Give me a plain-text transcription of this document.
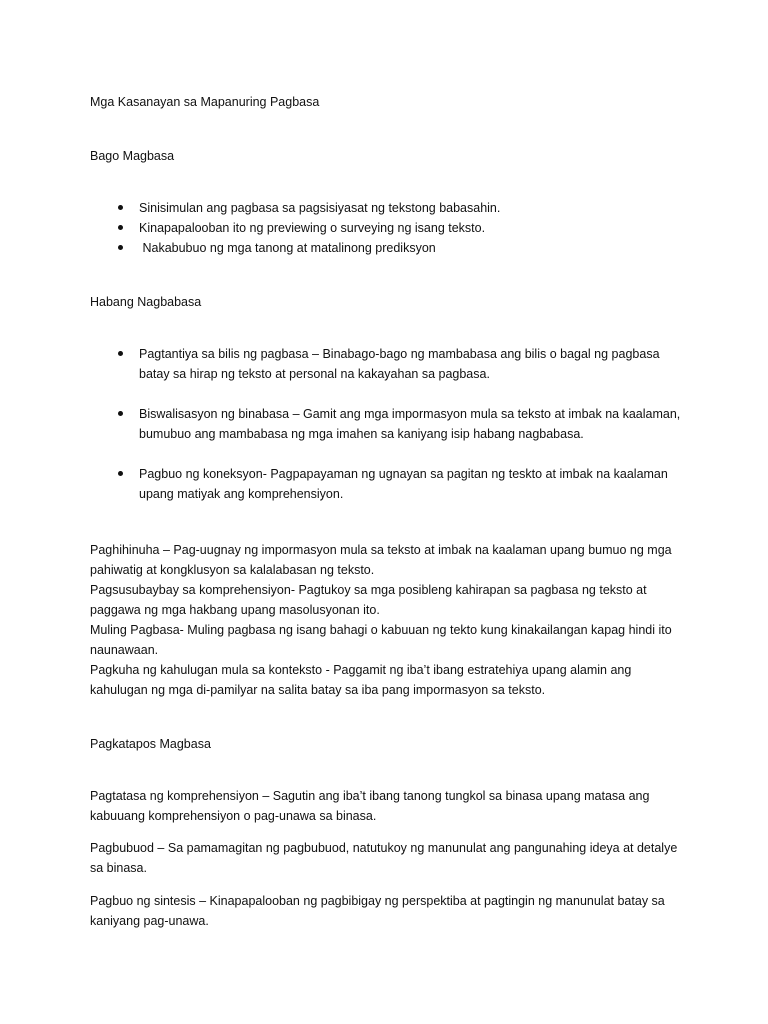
Mga Kasanayan sa Mapanuring Pagbasa

Bago Magbasa

Sinisimulan ang pagbasa sa pagsisiyasat ng tekstong babasahin.
Kinapapalooban ito ng previewing o surveying ng isang teksto.
Nakabubuo ng mga tanong at matalinong prediksyon

Habang Nagbabasa

Pagtantiya sa bilis ng pagbasa – Binabago-bago ng mambabasa ang bilis o bagal ng pagbasa batay sa hirap ng teksto at personal na kakayahan sa pagbasa.
Biswalisasyon ng binabasa – Gamit ang mga impormasyon mula sa teksto at imbak na kaalaman, bumubuo ang mambabasa ng mga imahen sa kaniyang isip habang nagbabasa.
Pagbuo ng koneksyon- Pagpapayaman ng ugnayan sa pagitan ng teskto at imbak na kaalaman upang matiyak ang komprehensiyon.

Paghihinuha – Pag-uugnay ng impormasyon mula sa teksto at imbak na kaalaman upang bumuo ng mga pahiwatig at kongklusyon sa kalalabasan ng teksto.

Pagsusubaybay sa komprehensiyon- Pagtukoy sa mga posibleng kahirapan sa pagbasa ng teksto at paggawa ng mga hakbang upang masolusyonan ito.

Muling Pagbasa- Muling pagbasa ng isang bahagi o kabuuan ng tekto kung kinakailangan kapag hindi ito naunawaan.

Pagkuha ng kahulugan mula sa konteksto - Paggamit ng iba’t ibang estratehiya upang alamin ang kahulugan ng mga di-pamilyar na salita batay sa iba pang impormasyon sa teksto.

Pagkatapos Magbasa

Pagtatasa ng komprehensiyon – Sagutin ang iba’t ibang tanong tungkol sa binasa upang matasa ang kabuuang komprehensiyon o pag-unawa sa binasa.

Pagbubuod – Sa pamamagitan ng pagbubuod, natutukoy ng manunulat ang pangunahing ideya at detalye sa binasa.

Pagbuo ng sintesis – Kinapapalooban ng pagbibigay ng perspektiba at pagtingin ng manunulat batay sa kaniyang pag-unawa.
